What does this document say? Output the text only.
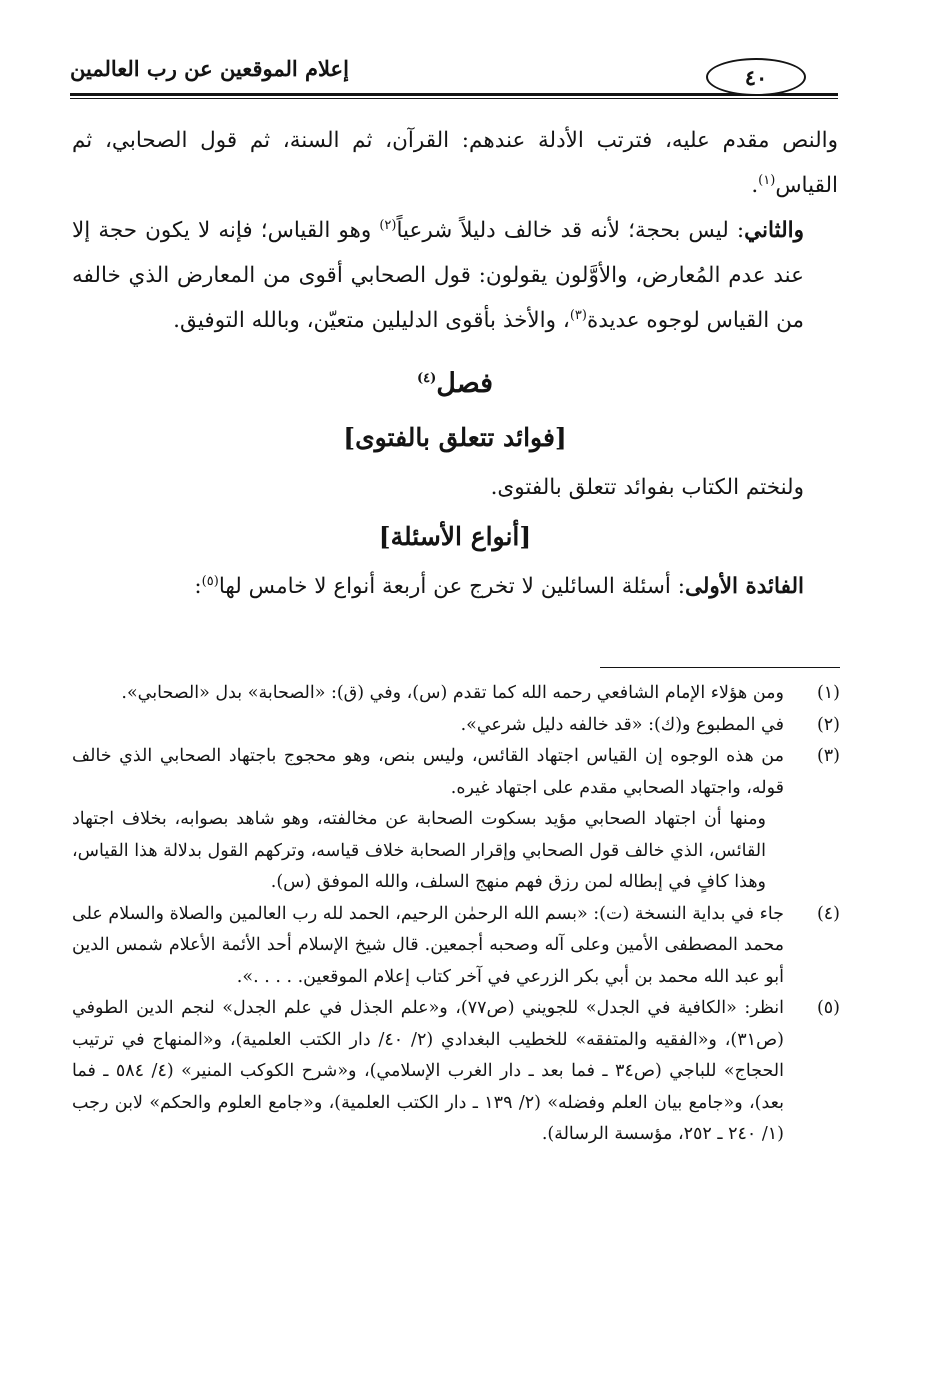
إعلام الموقعين عن رب العالمين	٤٠

والنص مقدم عليه، فترتب الأدلة عندهم: القرآن، ثم السنة، ثم قول الصحابي، ثم القياس$^{(١)}$.

والثاني: ليس بحجة؛ لأنه قد خالف دليلاً شرعياً$^{(٢)}$ وهو القياس؛ فإنه لا يكون حجة إلا عند عدم المُعارض، والأوَّلون يقولون: قول الصحابي أقوى من المعارض الذي خالفه من القياس لوجوه عديدة$^{(٣)}$، والأخذ بأقوى الدليلين متعيّن، وبالله التوفيق.

فصل$^{(٤)}$

[فوائد تتعلق بالفتوى]

ولنختم الكتاب بفوائد تتعلق بالفتوى.

[أنواع الأسئلة]

الفائدة الأولى: أسئلة السائلين لا تخرج عن أربعة أنواع لا خامس لها$^{(٥)}$:

(١)

ومن هؤلاء الإمام الشافعي رحمه الله كما تقدم (س)، وفي (ق): «الصحابة» بدل «الصحابي».

(٢)

في المطبوع و(ك): «قد خالفه دليل شرعي».

(٣)

من هذه الوجوه إن القياس اجتهاد القائس، وليس بنص، وهو محجوج باجتهاد الصحابي الذي خالف قوله، واجتهاد الصحابي مقدم على اجتهاد غيره.

ومنها أن اجتهاد الصحابي مؤيد بسكوت الصحابة عن مخالفته، وهو شاهد بصوابه، بخلاف اجتهاد القائس، الذي خالف قول الصحابي وإقرار الصحابة خلاف قياسه، وتركهم القول بدلالة هذا القياس، وهذا كافٍ في إبطاله لمن رزق فهم منهج السلف، والله الموفق (س).

(٤)

جاء في بداية النسخة (ت): «بسم الله الرحمٰن الرحيم، الحمد لله رب العالمين والصلاة والسلام على محمد المصطفى الأمين وعلى آله وصحبه أجمعين. قال شيخ الإسلام أحد الأئمة الأعلام شمس الدين أبو عبد الله محمد بن أبي بكر الزرعي في آخر كتاب إعلام الموقعين. . . . .».

(٥)

انظر: «الكافية في الجدل» للجويني (ص٧٧)، و«علم الجذل في علم الجدل» لنجم الدين الطوفي (ص٣١)، و«الفقيه والمتفقه» للخطيب البغدادي (٢/ ٤٠/ دار الكتب العلمية)، و«المنهاج في ترتيب الحجاج» للباجي (ص٣٤ ـ فما بعد ـ دار الغرب الإسلامي)، و«شرح الكوكب المنير» (٤/ ٥٨٤ ـ فما بعد)، و«جامع بيان العلم وفضله» (٢/ ١٣٩ ـ دار الكتب العلمية)، و«جامع العلوم والحكم» لابن رجب (١/ ٢٤٠ ـ ٢٥٢، مؤسسة الرسالة).
